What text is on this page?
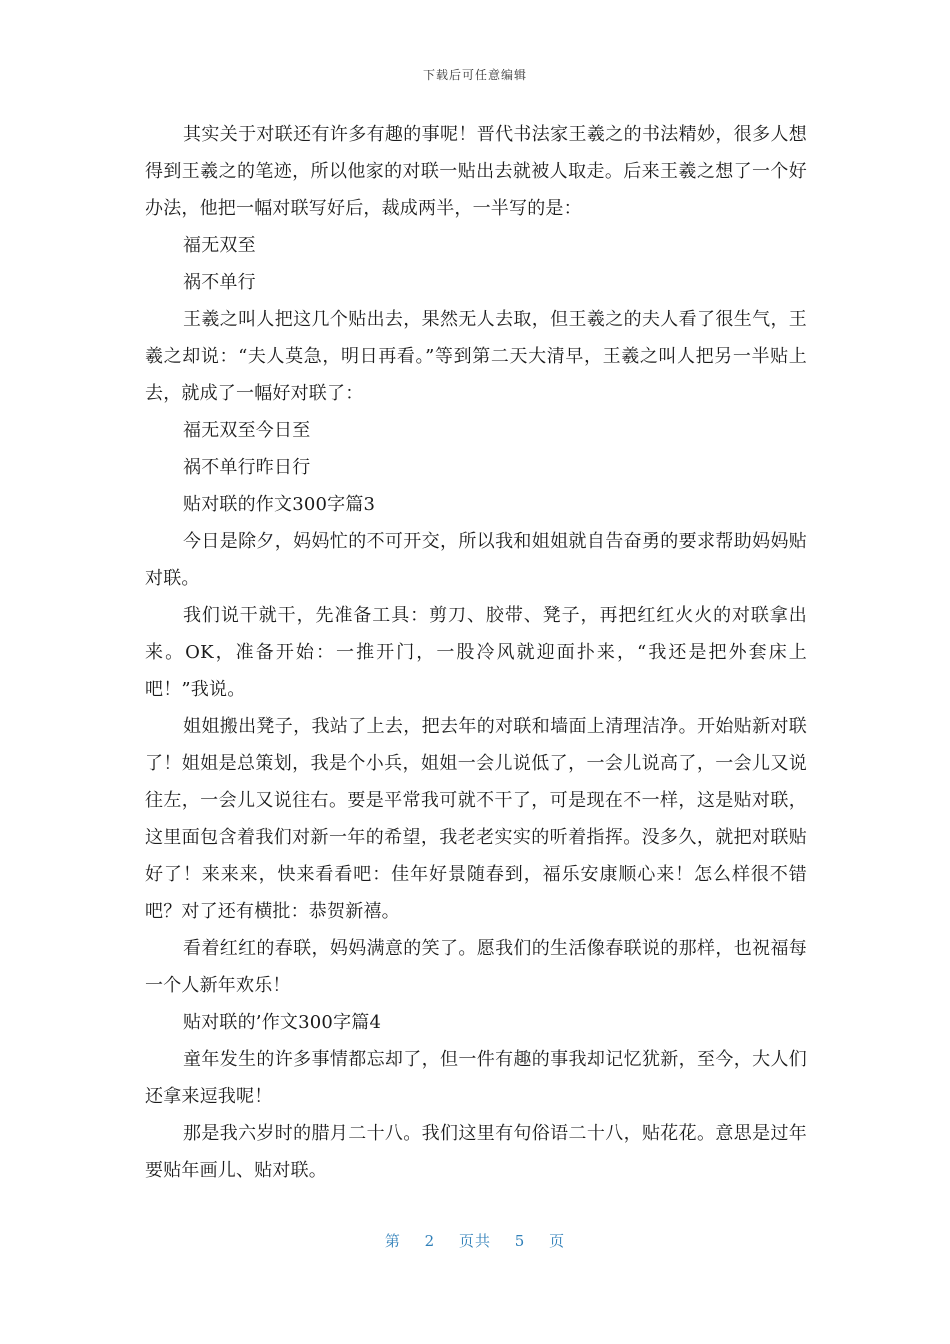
下载后可任意编辑

其实关于对联还有许多有趣的事呢！晋代书法家王羲之的书法精妙，很多人想得到王羲之的笔迹，所以他家的对联一贴出去就被人取走。后来王羲之想了一个好办法，他把一幅对联写好后，裁成两半，一半写的是：

福无双至

祸不单行

王羲之叫人把这几个贴出去，果然无人去取，但王羲之的夫人看了很生气，王羲之却说：“夫人莫急，明日再看。”等到第二天大清早，王羲之叫人把另一半贴上去，就成了一幅好对联了：

福无双至今日至

祸不单行昨日行

贴对联的作文300字篇3

今日是除夕，妈妈忙的不可开交，所以我和姐姐就自告奋勇的要求帮助妈妈贴对联。

我们说干就干，先准备工具：剪刀、胶带、凳子，再把红红火火的对联拿出来。OK，准备开始：一推开门，一股冷风就迎面扑来，“我还是把外套床上吧！”我说。

姐姐搬出凳子，我站了上去，把去年的对联和墙面上清理洁净。开始贴新对联了！姐姐是总策划，我是个小兵，姐姐一会儿说低了，一会儿说高了，一会儿又说往左，一会儿又说往右。要是平常我可就不干了，可是现在不一样，这是贴对联，这里面包含着我们对新一年的希望，我老老实实的听着指挥。没多久，就把对联贴好了！来来来，快来看看吧：佳年好景随春到，福乐安康顺心来！怎么样很不错吧？对了还有横批：恭贺新禧。

看着红红的春联，妈妈满意的笑了。愿我们的生活像春联说的那样，也祝福每一个人新年欢乐！

贴对联的’作文300字篇4

童年发生的许多事情都忘却了，但一件有趣的事我却记忆犹新，至今，大人们还拿来逗我呢！

那是我六岁时的腊月二十八。我们这里有句俗语二十八，贴花花。意思是过年要贴年画儿、贴对联。

第 2 页共 5 页
